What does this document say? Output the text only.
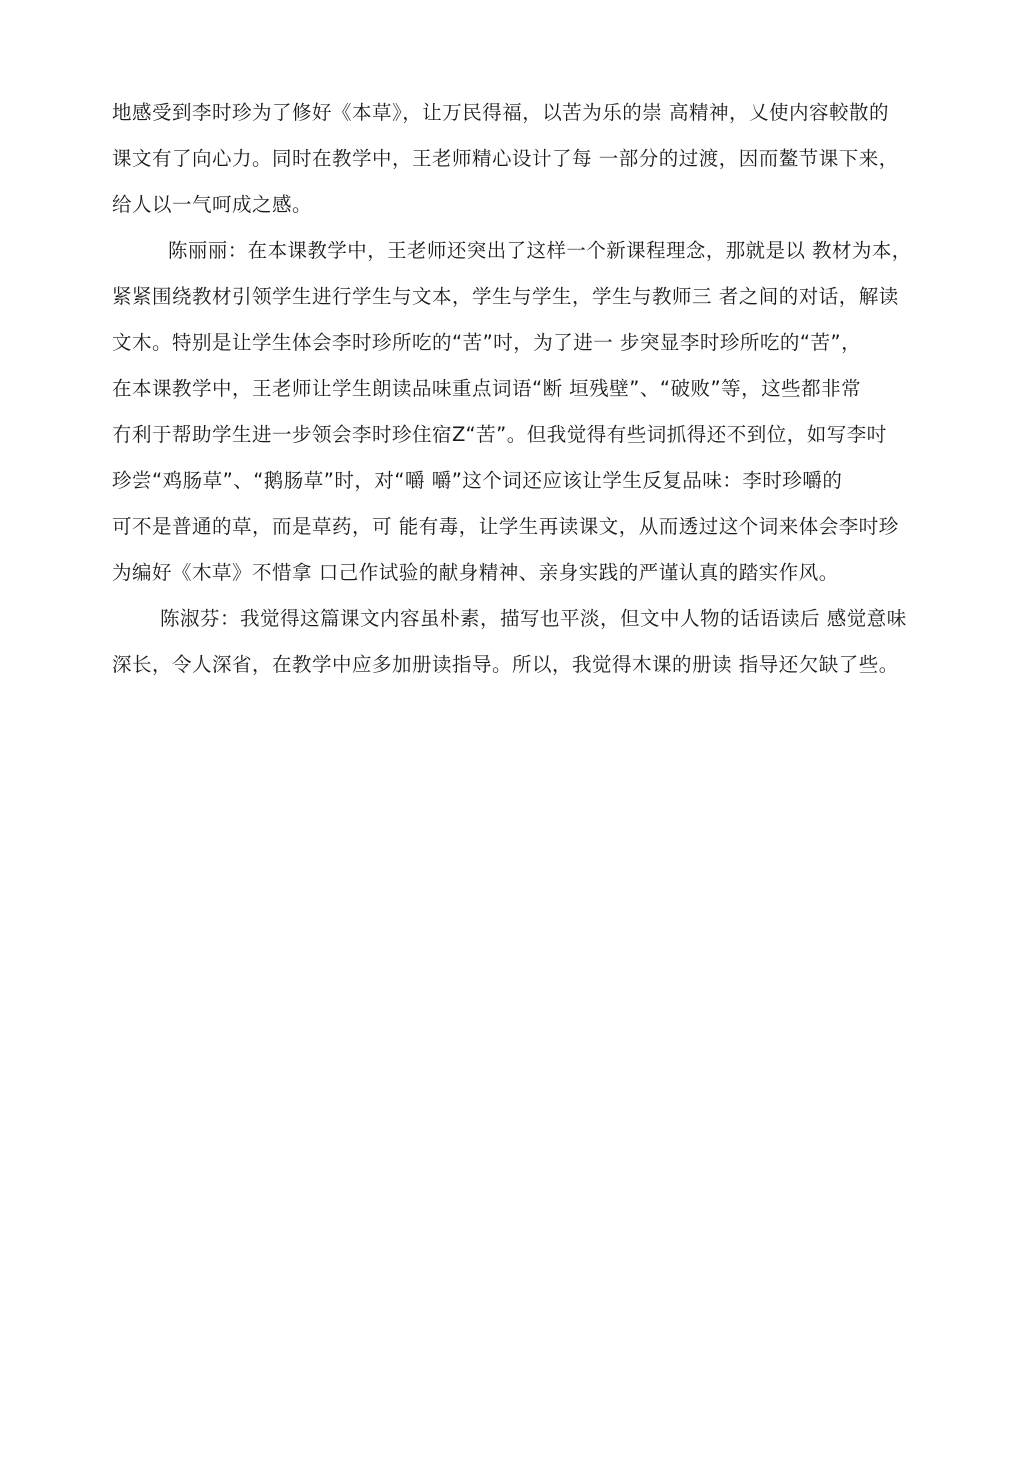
地感受到李时珍为了修好《本草》，让万民得福，以苦为乐的崇 高精神，乂使内容較散的
课文有了向心力。同时在教学中，王老师精心设计了每 一部分的过渡，因而鳌节课下来，
给人以一气呵成之感。
陈丽丽：在本课教学中，王老师还突出了这样一个新课程理念，那就是以 教材为本，
紧紧围绕教材引领学生进行学生与文本，学生与学生，学生与教师三 者之间的对话，解读
文木。特别是让学生体会李时珍所吃的“苦”吋，为了进一 步突显李时珍所吃的“苦”，
在本课教学中，王老师让学生朗读品味重点词语“断 垣残壁”、“破败”等，这些都非常
冇利于帮助学生进一步领会李时珍住宿Z“苦”。但我觉得有些词抓得还不到位，如写李吋
珍尝“鸡肠草”、“鹅肠草”时，对“嚼 嚼”这个词还应该让学生反复品味：李时珍嚼的
可不是普通的草，而是草药，可 能有毒，让学生再读课文，从而透过这个词来体会李吋珍
为编好《木草》不惜拿 口己作试验的献身精神、亲身实践的严谨认真的踏实作风。
陈淑芬：我觉得这篇课文内容虽朴素，描写也平淡，但文中人物的话语读后 感觉意味
深长，令人深省，在教学中应多加册读指导。所以，我觉得木课的册读 指导还欠缺了些。
